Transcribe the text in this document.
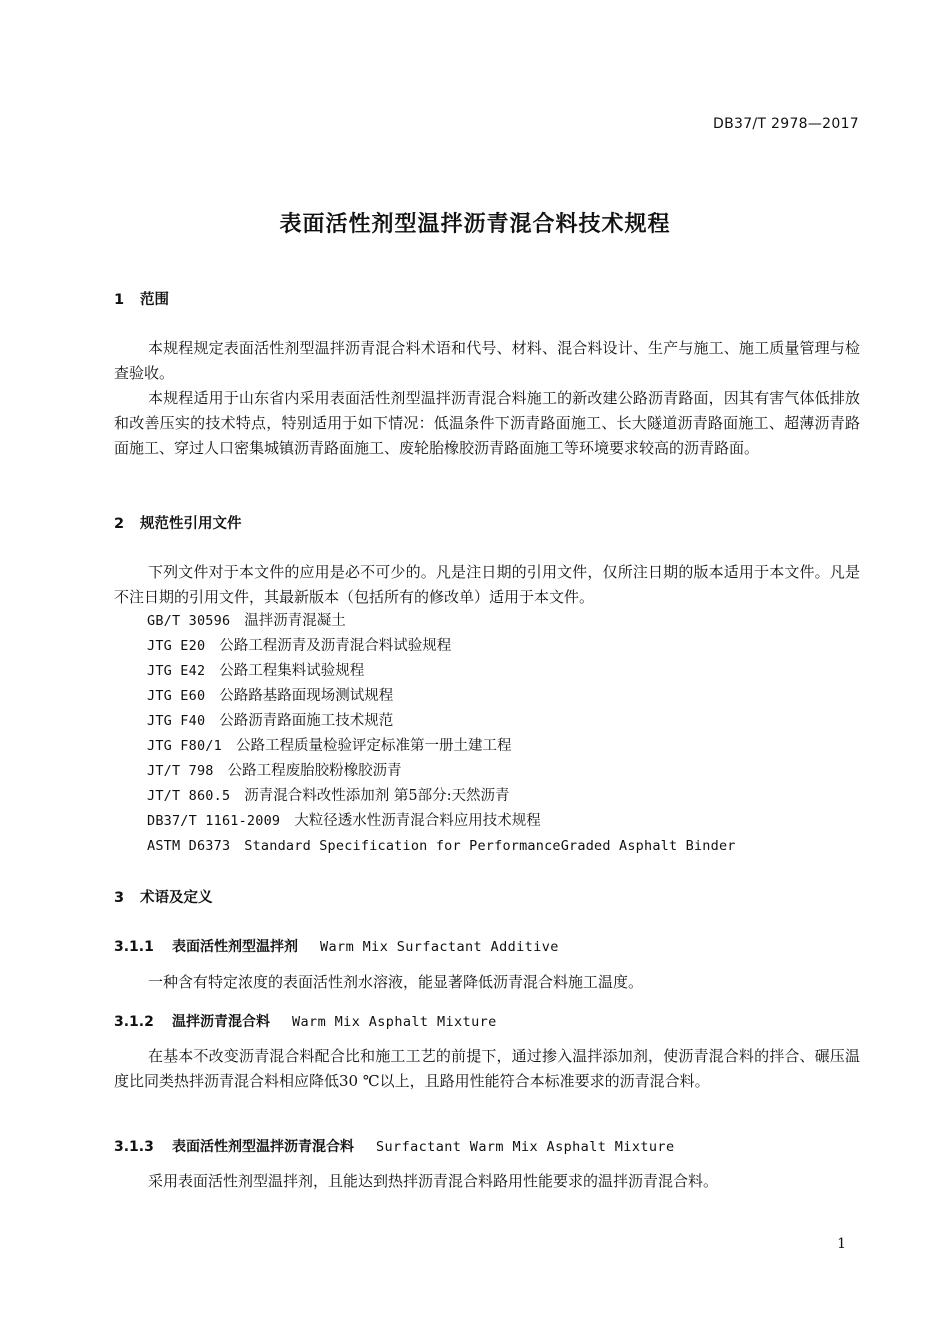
DB37/T 2978—2017
表面活性剂型温拌沥青混合料技术规程
1 范围
本规程规定表面活性剂型温拌沥青混合料术语和代号、材料、混合料设计、生产与施工、施工质量管理与检查验收。
本规程适用于山东省内采用表面活性剂型温拌沥青混合料施工的新改建公路沥青路面，因其有害气体低排放和改善压实的技术特点，特别适用于如下情况：低温条件下沥青路面施工、长大隧道沥青路面施工、超薄沥青路面施工、穿过人口密集城镇沥青路面施工、废轮胎橡胶沥青路面施工等环境要求较高的沥青路面。
2 规范性引用文件
下列文件对于本文件的应用是必不可少的。凡是注日期的引用文件，仅所注日期的版本适用于本文件。凡是不注日期的引用文件，其最新版本（包括所有的修改单）适用于本文件。
GB/T 30596 温拌沥青混凝土
JTG E20 公路工程沥青及沥青混合料试验规程
JTG E42 公路工程集料试验规程
JTG E60 公路路基路面现场测试规程
JTG F40 公路沥青路面施工技术规范
JTG F80/1 公路工程质量检验评定标准第一册土建工程
JT/T 798 公路工程废胎胶粉橡胶沥青
JT/T 860.5 沥青混合料改性添加剂 第5部分:天然沥青
DB37/T 1161-2009 大粒径透水性沥青混合料应用技术规程
ASTM D6373 Standard Specification for PerformanceGraded Asphalt Binder
3 术语及定义
3.1.1 表面活性剂型温拌剂 Warm Mix Surfactant Additive
一种含有特定浓度的表面活性剂水溶液，能显著降低沥青混合料施工温度。
3.1.2 温拌沥青混合料 Warm Mix Asphalt Mixture
在基本不改变沥青混合料配合比和施工工艺的前提下，通过掺入温拌添加剂，使沥青混合料的拌合、碾压温度比同类热拌沥青混合料相应降低30 ℃以上，且路用性能符合本标准要求的沥青混合料。
3.1.3 表面活性剂型温拌沥青混合料 Surfactant Warm Mix Asphalt Mixture
采用表面活性剂型温拌剂，且能达到热拌沥青混合料路用性能要求的温拌沥青混合料。
1
